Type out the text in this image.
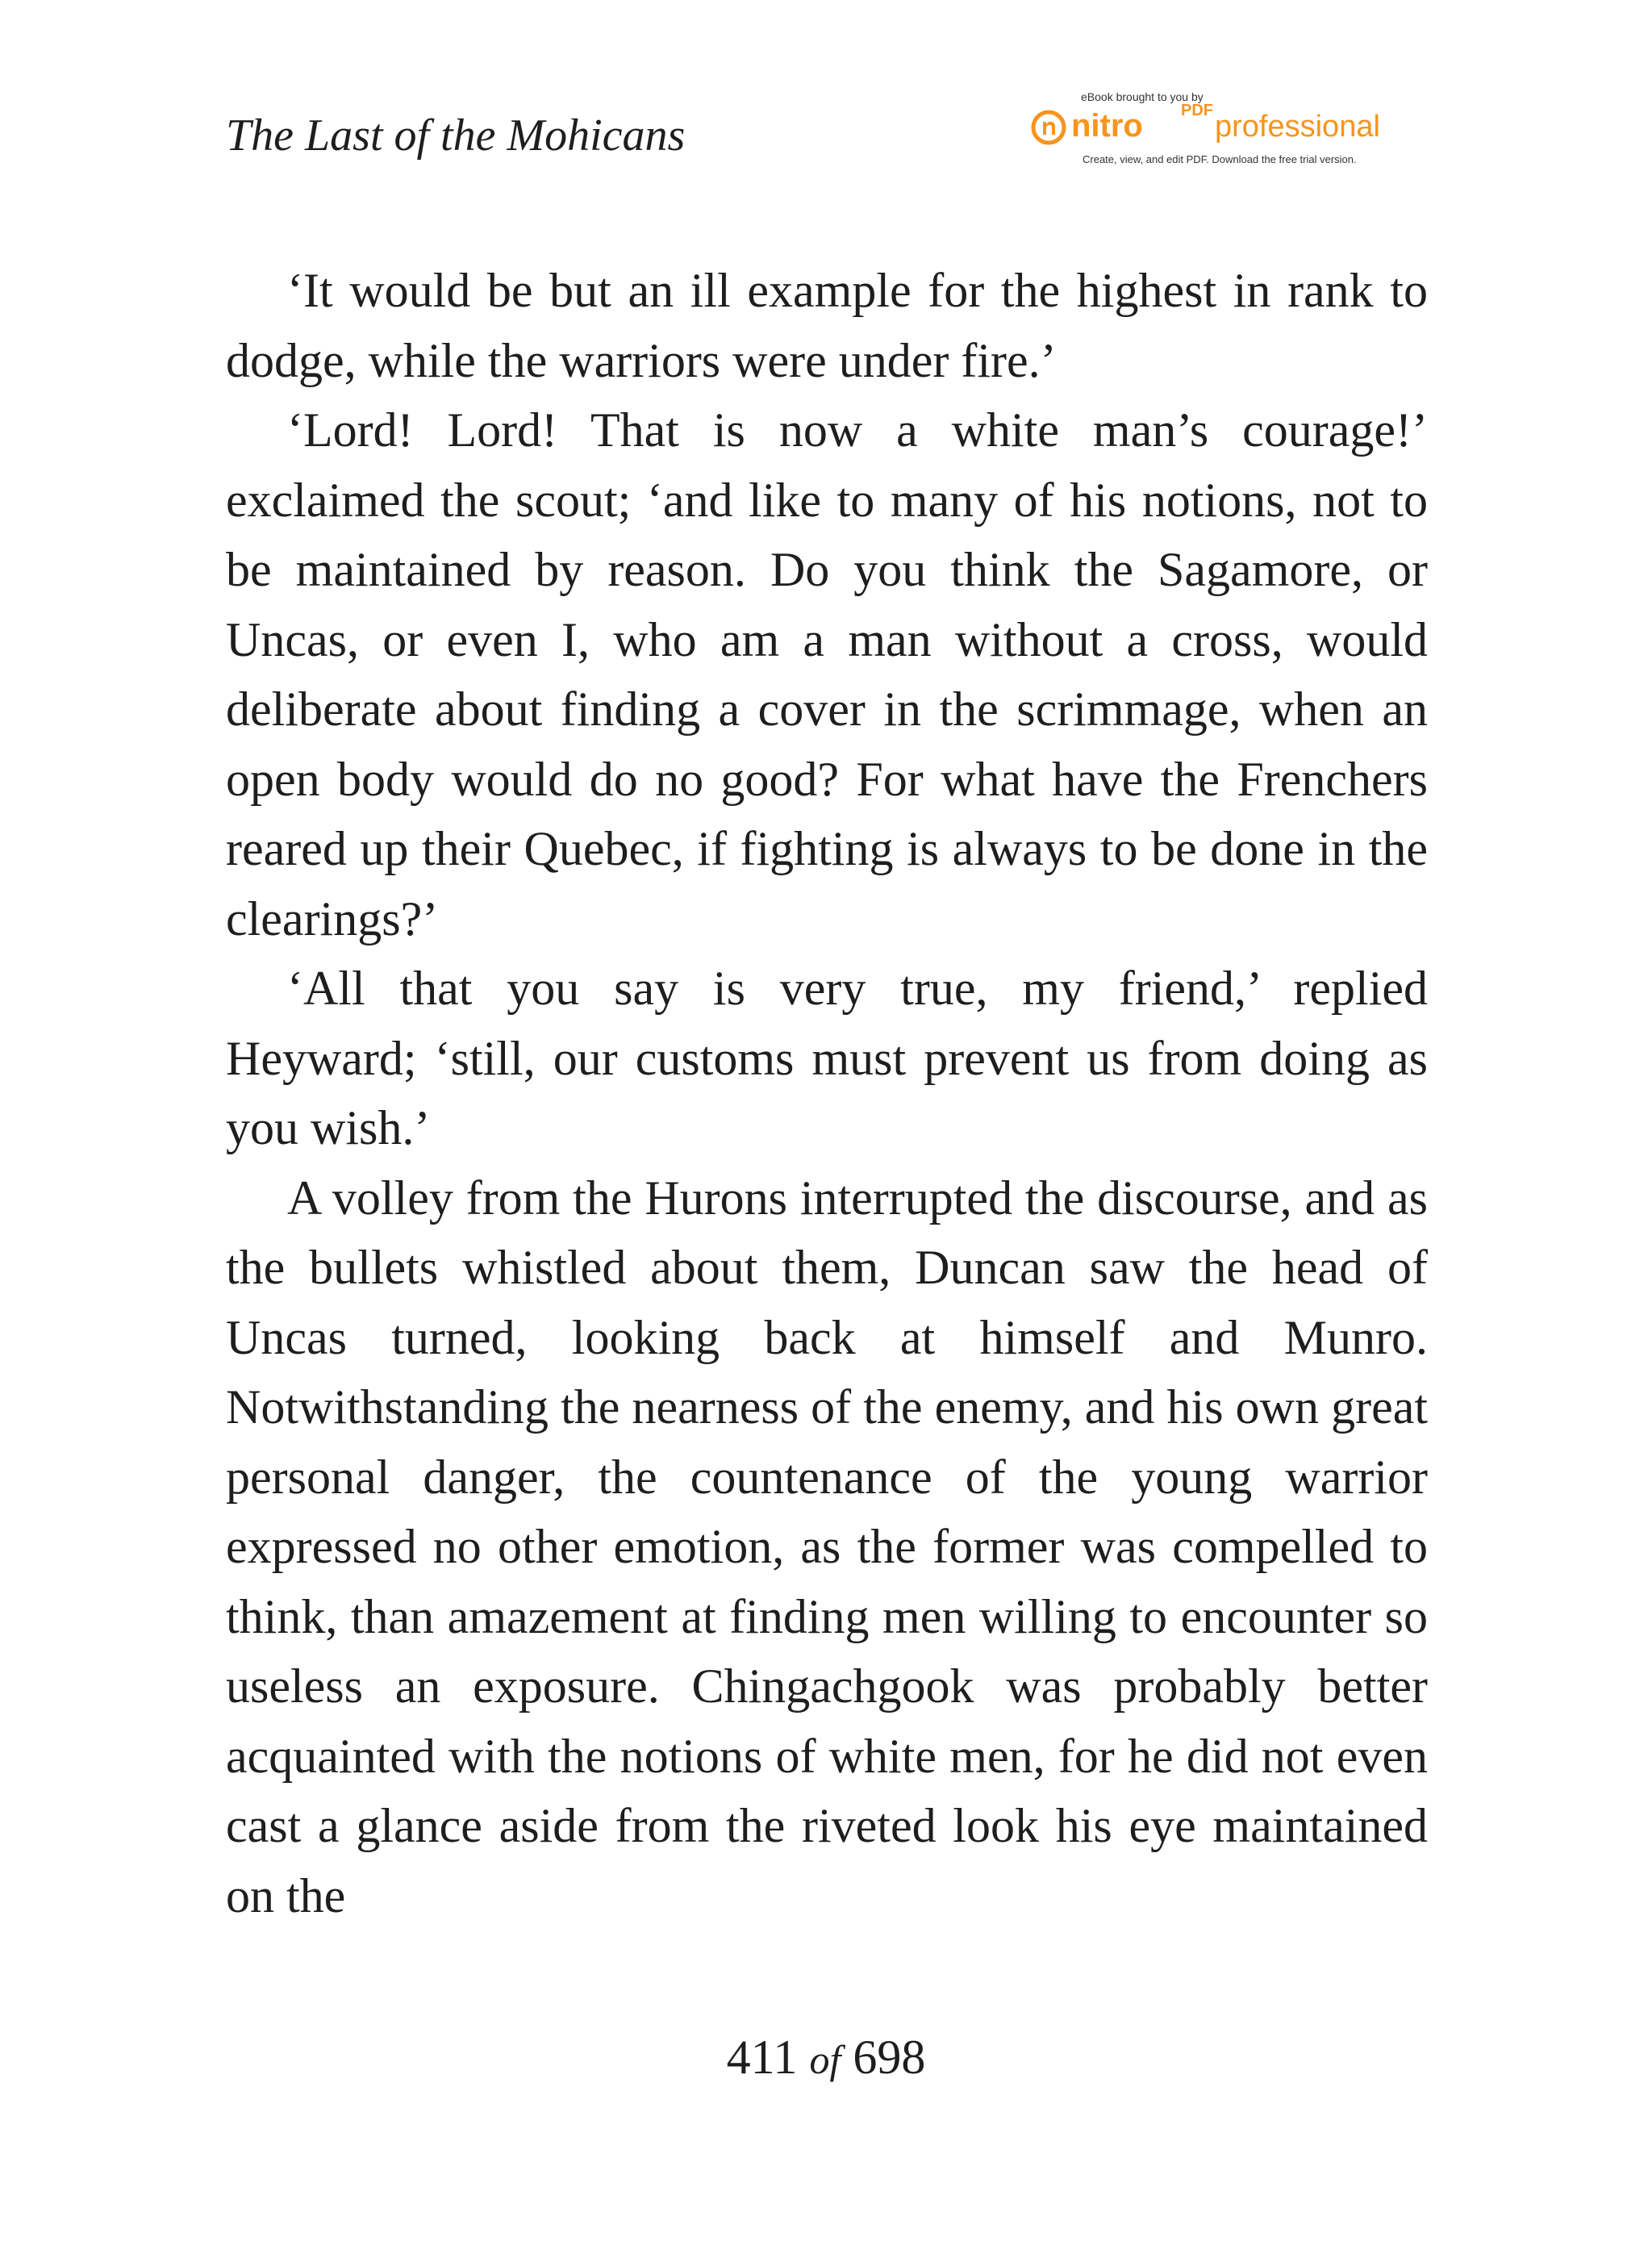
The Last of the Mohicans
eBook brought to you by
nitro PDF professional
Create, view, and edit PDF. Download the free trial version.

‘It would be but an ill example for the highest in rank to dodge, while the warriors were under fire.’

‘Lord! Lord! That is now a white man’s courage!’ exclaimed the scout; ‘and like to many of his notions, not to be maintained by reason. Do you think the Sagamore, or Uncas, or even I, who am a man without a cross, would deliberate about finding a cover in the scrimmage, when an open body would do no good? For what have the Frenchers reared up their Quebec, if fighting is always to be done in the clearings?’

‘All that you say is very true, my friend,’ replied Heyward; ‘still, our customs must prevent us from doing as you wish.’

A volley from the Hurons interrupted the discourse, and as the bullets whistled about them, Duncan saw the head of Uncas turned, looking back at himself and Munro. Notwithstanding the nearness of the enemy, and his own great personal danger, the countenance of the young warrior expressed no other emotion, as the former was compelled to think, than amazement at finding men willing to encounter so useless an exposure. Chingachgook was probably better acquainted with the notions of white men, for he did not even cast a glance aside from the riveted look his eye maintained on the

411 of 698
